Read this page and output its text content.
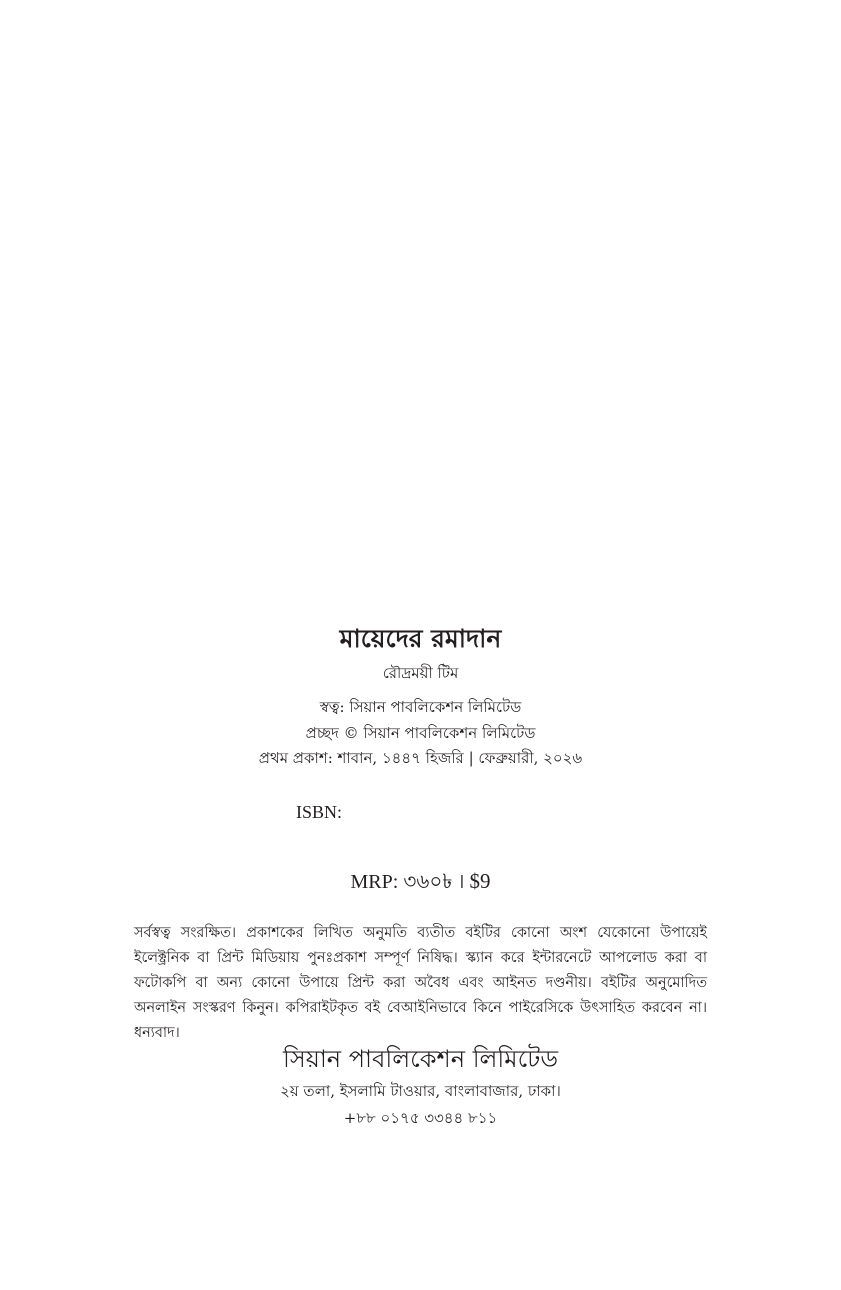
মায়েদের রমাদান
রৌদ্রময়ী টিম
স্বত্ব: সিয়ান পাবলিকেশন লিমিটেড
প্রচ্ছদ © সিয়ান পাবলিকেশন লিমিটেড
প্রথম প্রকাশ: শাবান, ১৪৪৭ হিজরি | ফেব্রুয়ারী, ২০২৬
ISBN:
MRP: ৩৬০৳ । $9
সর্বস্বত্ব সংরক্ষিত। প্রকাশকের লিখিত অনুমতি ব্যতীত বইটির কোনো অংশ যেকোনো উপায়েই ইলেক্ট্রনিক বা প্রিন্ট মিডিয়ায় পুনঃপ্রকাশ সম্পূর্ণ নিষিদ্ধ। স্ক্যান করে ইন্টারনেটে আপলোড করা বা ফটোকপি বা অন্য কোনো উপায়ে প্রিন্ট করা অবৈধ এবং আইনত দণ্ডনীয়। বইটির অনুমোদিত অনলাইন সংস্করণ কিনুন। কপিরাইটকৃত বই বেআইনিভাবে কিনে পাইরেসিকে উৎসাহিত করবেন না। ধন্যবাদ।
সিয়ান পাবলিকেশন লিমিটেড
২য় তলা, ইসলামি টাওয়ার, বাংলাবাজার, ঢাকা।
+৮৮ ০১৭৫ ৩৩৪৪ ৮১১
